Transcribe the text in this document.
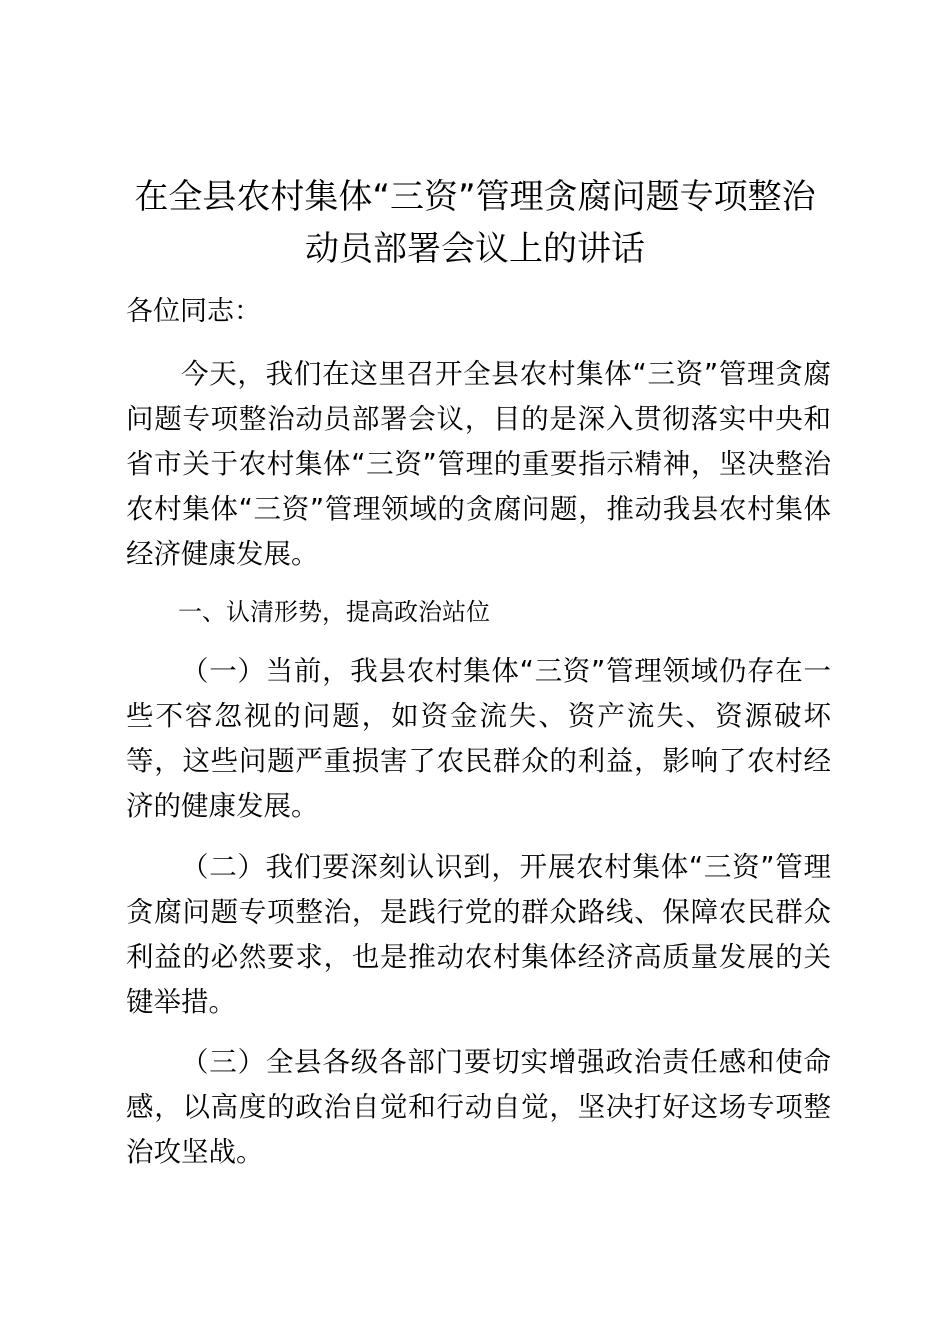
在全县农村集体“三资”管理贪腐问题专项整治
动员部署会议上的讲话
各位同志：
今天，我们在这里召开全县农村集体“三资”管理贪腐问题专项整治动员部署会议，目的是深入贯彻落实中央和省市关于农村集体“三资”管理的重要指示精神，坚决整治农村集体“三资”管理领域的贪腐问题，推动我县农村集体经济健康发展。
一、认清形势，提高政治站位
（一）当前，我县农村集体“三资”管理领域仍存在一些不容忽视的问题，如资金流失、资产流失、资源破坏等，这些问题严重损害了农民群众的利益，影响了农村经济的健康发展。
（二）我们要深刻认识到，开展农村集体“三资”管理贪腐问题专项整治，是践行党的群众路线、保障农民群众利益的必然要求，也是推动农村集体经济高质量发展的关键举措。
（三）全县各级各部门要切实增强政治责任感和使命感，以高度的政治自觉和行动自觉，坚决打好这场专项整治攻坚战。
